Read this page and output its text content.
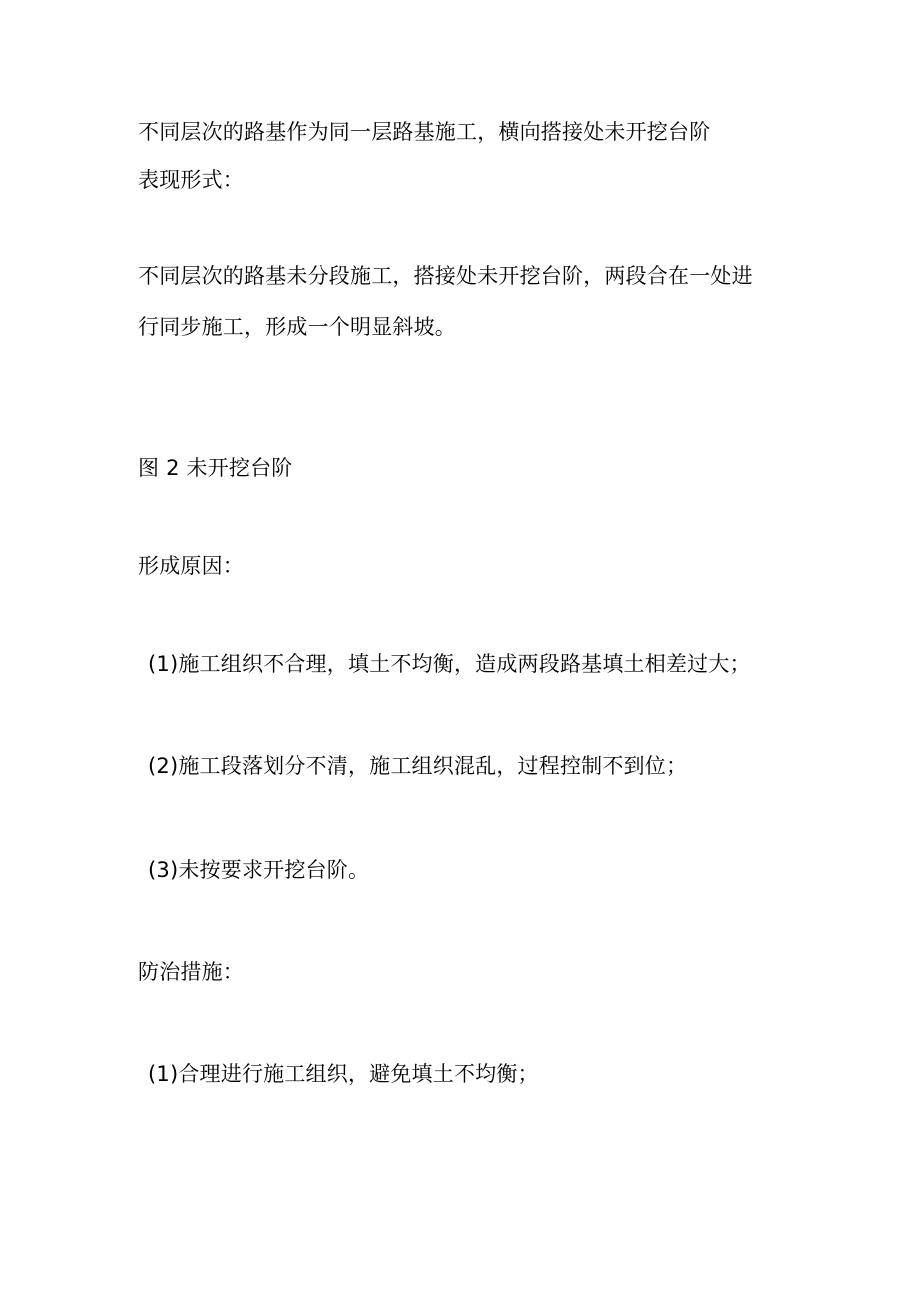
不同层次的路基作为同一层路基施工，横向搭接处未开挖台阶
表现形式：
不同层次的路基未分段施工，搭接处未开挖台阶，两段合在一处进
行同步施工，形成一个明显斜坡。
图 2 未开挖台阶
形成原因：
(1)施工组织不合理，填土不均衡，造成两段路基填土相差过大；
(2)施工段落划分不清，施工组织混乱，过程控制不到位；
(3)未按要求开挖台阶。
防治措施：
(1)合理进行施工组织，避免填土不均衡；
